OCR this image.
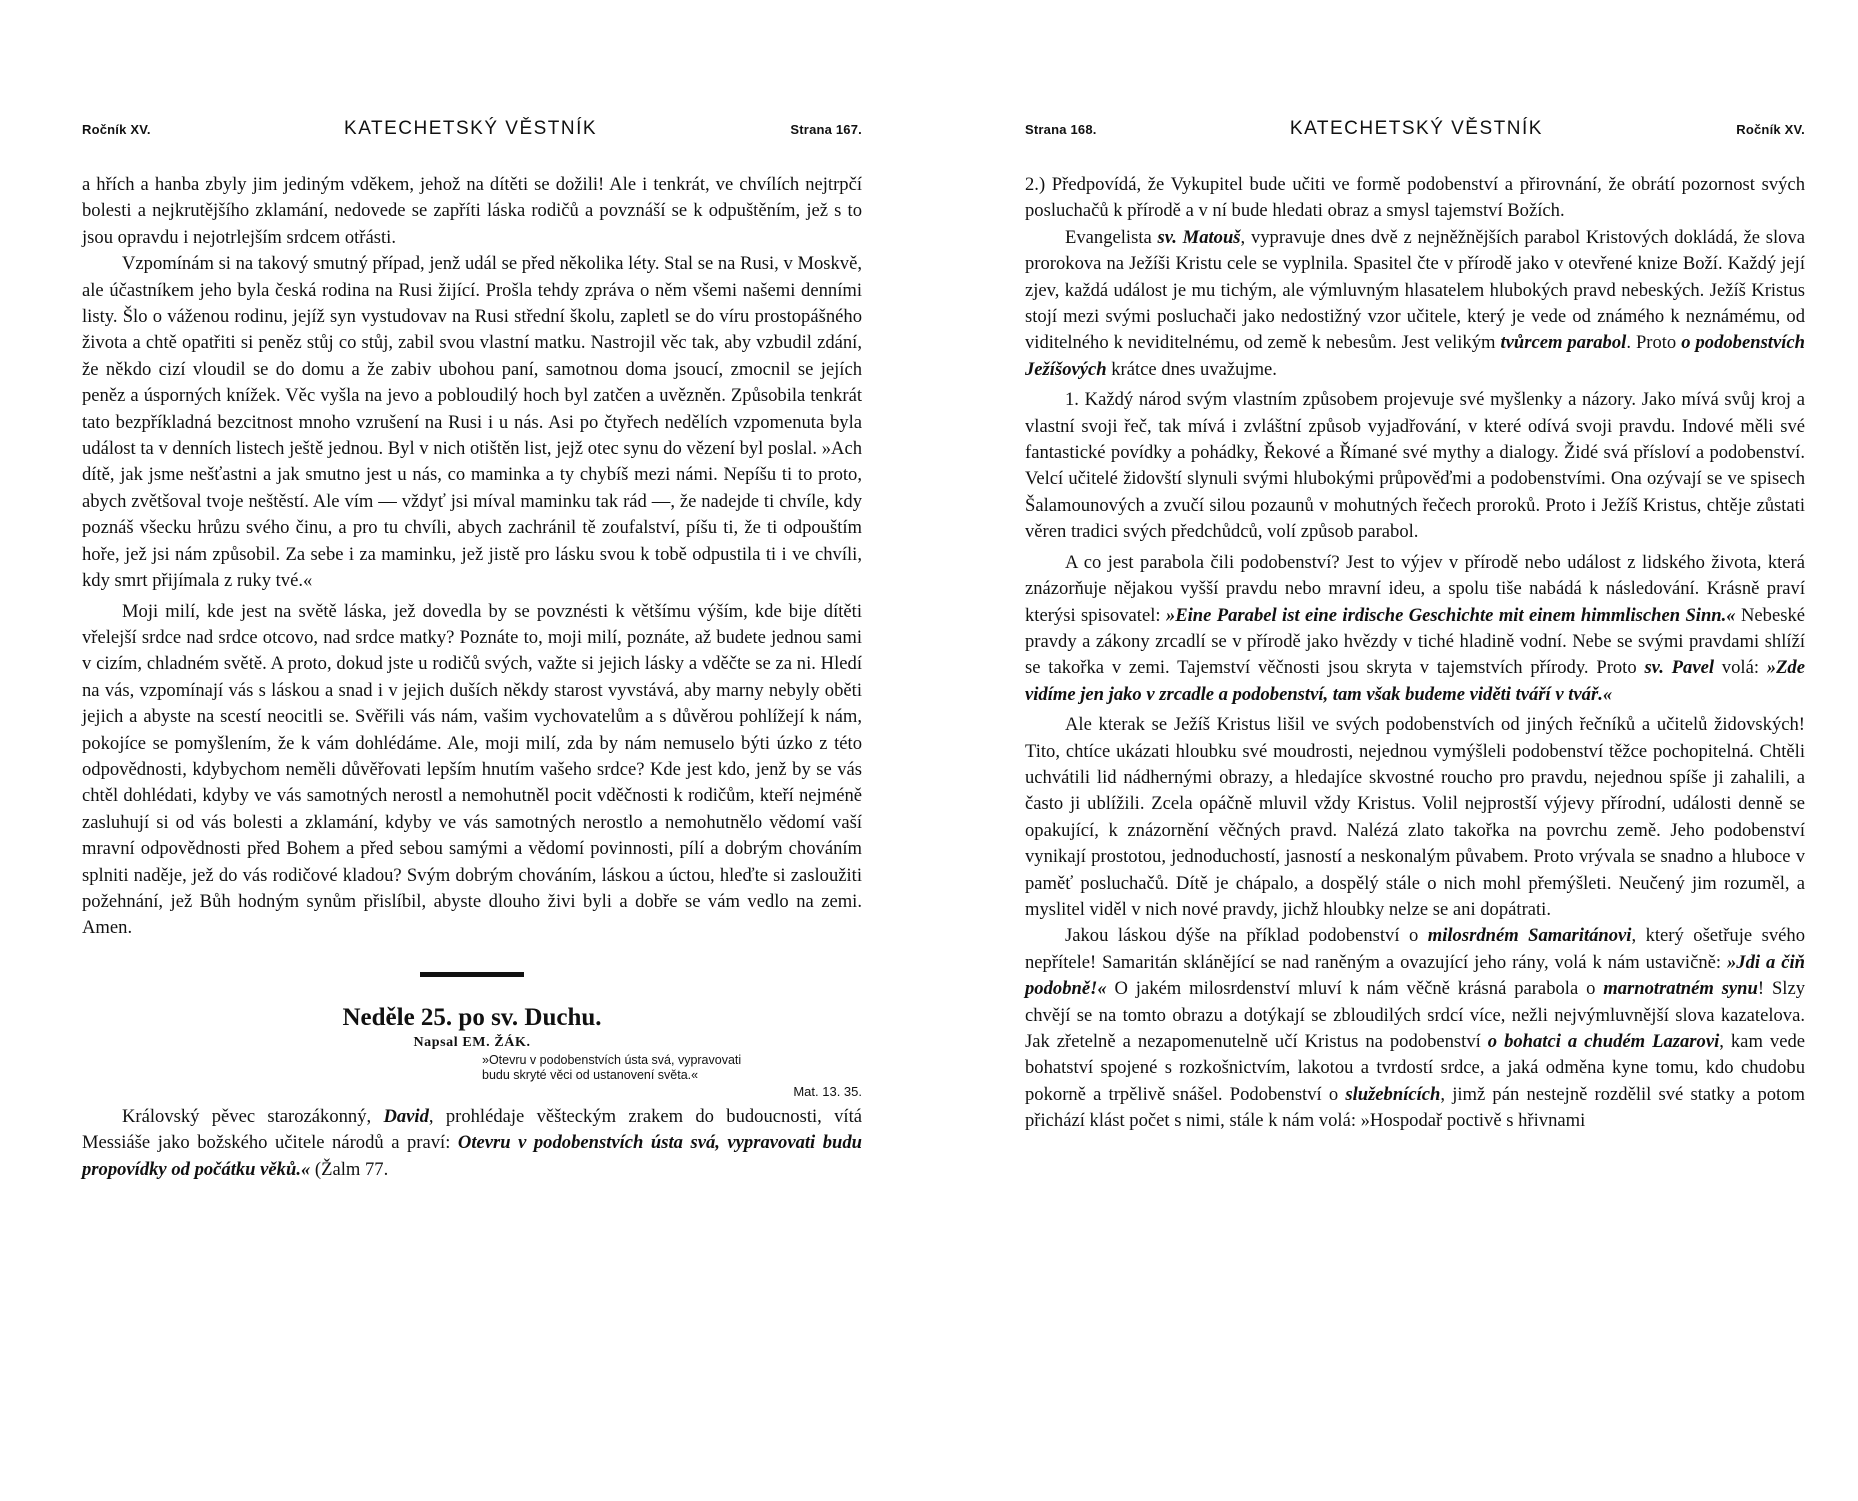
Ročník XV.	KATECHETSKÝ VĚSTNÍK	Strana 167.

a hřích a hanba zbyly jim jediným vděkem, jehož na dítěti se dožili! Ale i tenkrát, ve chvílích nejtrpčí bolesti a nejkrutějšího zklamání, nedovede se zapříti láska rodičů a povznáší se k odpuštěním, jež s to jsou opravdu i nejotrlejším srdcem otřásti.

Vzpomínám si na takový smutný případ, jenž udál se před několika léty. Stal se na Rusi, v Moskvě, ale účastníkem jeho byla česká rodina na Rusi žijící. Prošla tehdy zpráva o něm všemi našemi denními listy. Šlo o váženou rodinu, jejíž syn vystudovav na Rusi střední školu, zapletl se do víru prostopášného života a chtě opatřiti si peněz stůj co stůj, zabil svou vlastní matku. Nastrojil věc tak, aby vzbudil zdání, že někdo cizí vloudil se do domu a že zabiv ubohou paní, samotnou doma jsoucí, zmocnil se jejích peněz a úsporných knížek. Věc vyšla na jevo a pobloudilý hoch byl zatčen a uvězněn. Způsobila tenkrát tato bezpříkladná bezcitnost mnoho vzrušení na Rusi i u nás. Asi po čtyřech nedělích vzpomenuta byla událost ta v denních listech ještě jednou. Byl v nich otištěn list, jejž otec synu do vězení byl poslal. »Ach dítě, jak jsme nešťastni a jak smutno jest u nás, co maminka a ty chybíš mezi námi. Nepíšu ti to proto, abych zvětšoval tvoje neštěstí. Ale vím — vždyť jsi míval maminku tak rád —, že nadejde ti chvíle, kdy poznáš všecku hrůzu svého činu, a pro tu chvíli, abych zachránil tě zoufalství, píšu ti, že ti odpouštím hoře, jež jsi nám způsobil. Za sebe i za maminku, jež jistě pro lásku svou k tobě odpustila ti i ve chvíli, kdy smrt přijímala z ruky tvé.«

Moji milí, kde jest na světě láska, jež dovedla by se povznésti k většímu výším, kde bije dítěti vřelejší srdce nad srdce otcovo, nad srdce matky? Poznáte to, moji milí, poznáte, až budete jednou sami v cizím, chladném světě. A proto, dokud jste u rodičů svých, važte si jejich lásky a vděčte se za ni. Hledí na vás, vzpomínají vás s láskou a snad i v jejich duších někdy starost vyvstává, aby marny nebyly oběti jejich a abyste na scestí neocitli se. Svěřili vás nám, vašim vychovatelům a s důvěrou pohlížejí k nám, pokojíce se pomyšlením, že k vám dohlédáme. Ale, moji milí, zda by nám nemuselo býti úzko z této odpovědnosti, kdybychom neměli důvěřovati lepším hnutím vašeho srdce? Kde jest kdo, jenž by se vás chtěl dohlédati, kdyby ve vás samotných nerostl a nemohutněl pocit vděčnosti k rodičům, kteří nejméně zasluhují si od vás bolesti a zklamání, kdyby ve vás samotných nerostlo a nemohutnělo vědomí vaší mravní odpovědnosti před Bohem a před sebou samými a vědomí povinnosti, pílí a dobrým chováním splniti naděje, jež do vás rodičové kladou? Svým dobrým chováním, láskou a úctou, hleďte si zasloužiti požehnání, jež Bůh hodným synům přislíbil, abyste dlouho živi byli a dobře se vám vedlo na zemi. Amen.

Neděle 25. po sv. Duchu.

Napsal EM. ŽÁK.

»Otevru v podobenstvích ústa svá, vypravovati
budu skryté věci od ustanovení světa.«
Mat. 13. 35.

Královský pěvec starozákonný, David, prohlédaje věšteckým zrakem do budoucnosti, vítá Messiáše jako božského učitele národů a praví: Otevru v podobenstvích ústa svá, vypravovati budu propovídky od počátku věků.« (Žalm 77.

Strana 168.	KATECHETSKÝ VĚSTNÍK	Ročník XV.

2.) Předpovídá, že Vykupitel bude učiti ve formě podobenství a přirovnání, že obrátí pozornost svých posluchačů k přírodě a v ní bude hledati obraz a smysl tajemství Božích.

Evangelista sv. Matouš, vypravuje dnes dvě z nejněžnějších parabol Kristových dokládá, že slova prorokova na Ježíši Kristu cele se vyplnila. Spasitel čte v přírodě jako v otevřené knize Boží. Každý její zjev, každá událost je mu tichým, ale výmluvným hlasatelem hlubokých pravd nebeských. Ježíš Kristus stojí mezi svými posluchači jako nedostižný vzor učitele, který je vede od známého k neznámému, od viditelného k neviditelnému, od země k nebesům. Jest velikým tvůrcem parabol. Proto o podobenstvích Ježíšových krátce dnes uvažujme.

1. Každý národ svým vlastním způsobem projevuje své myšlenky a názory. Jako mívá svůj kroj a vlastní svoji řeč, tak mívá i zvláštní způsob vyjadřování, v které odívá svoji pravdu. Indové měli své fantastické povídky a pohádky, Řekové a Římané své mythy a dialogy. Židé svá přísloví a podobenství. Velcí učitelé židovští slynuli svými hlubokými průpověďmi a podobenstvími. Ona ozývají se ve spisech Šalamounových a zvučí silou pozaunů v mohutných řečech proroků. Proto i Ježíš Kristus, chtěje zůstati věren tradici svých předchůdců, volí způsob parabol.

A co jest parabola čili podobenství? Jest to výjev v přírodě nebo událost z lidského života, která znázorňuje nějakou vyšší pravdu nebo mravní ideu, a spolu tiše nabádá k následování. Krásně praví kterýsi spisovatel: »Eine Parabel ist eine irdische Geschichte mit einem himmlischen Sinn.« Nebeské pravdy a zákony zrcadlí se v přírodě jako hvězdy v tiché hladině vodní. Nebe se svými pravdami shlíží se takořka v zemi. Tajemství věčnosti jsou skryta v tajemstvích přírody. Proto sv. Pavel volá: »Zde vidíme jen jako v zrcadle a podobenství, tam však budeme viděti tváří v tvář.«

Ale kterak se Ježíš Kristus lišil ve svých podobenstvích od jiných řečníků a učitelů židovských! Tito, chtíce ukázati hloubku své moudrosti, nejednou vymýšleli podobenství těžce pochopitelná. Chtěli uchvátili lid nádhernými obrazy, a hledajíce skvostné roucho pro pravdu, nejednou spíše ji zahalili, a často ji ublížili. Zcela opáčně mluvil vždy Kristus. Volil nejprostší výjevy přírodní, události denně se opakující, k znázornění věčných pravd. Nalézá zlato takořka na povrchu země. Jeho podobenství vynikají prostotou, jednoduchostí, jasností a neskonalým půvabem. Proto vrývala se snadno a hluboce v paměť posluchačů. Dítě je chápalo, a dospělý stále o nich mohl přemýšleti. Neučený jim rozuměl, a myslitel viděl v nich nové pravdy, jichž hloubky nelze se ani dopátrati.

Jakou láskou dýše na příklad podobenství o milosrdném Samaritánovi, který ošetřuje svého nepřítele! Samaritán sklánějící se nad raněným a ovazující jeho rány, volá k nám ustavičně: »Jdi a čiň podobně!« O jakém milosrdenství mluví k nám věčně krásná parabola o marnotratném synu! Slzy chvějí se na tomto obrazu a dotýkají se zbloudilých srdcí více, nežli nejvýmluvnější slova kazatelova. Jak zřetelně a nezapomenutelně učí Kristus na podobenství o bohatci a chudém Lazarovi, kam vede bohatství spojené s rozkošnictvím, lakotou a tvrdostí srdce, a jaká odměna kyne tomu, kdo chudobu pokorně a trpělivě snášel. Podobenství o služebnících, jimž pán nestejně rozdělil své statky a potom přichází klást počet s nimi, stále k nám volá: »Hospodař poctivě s hřivnami
